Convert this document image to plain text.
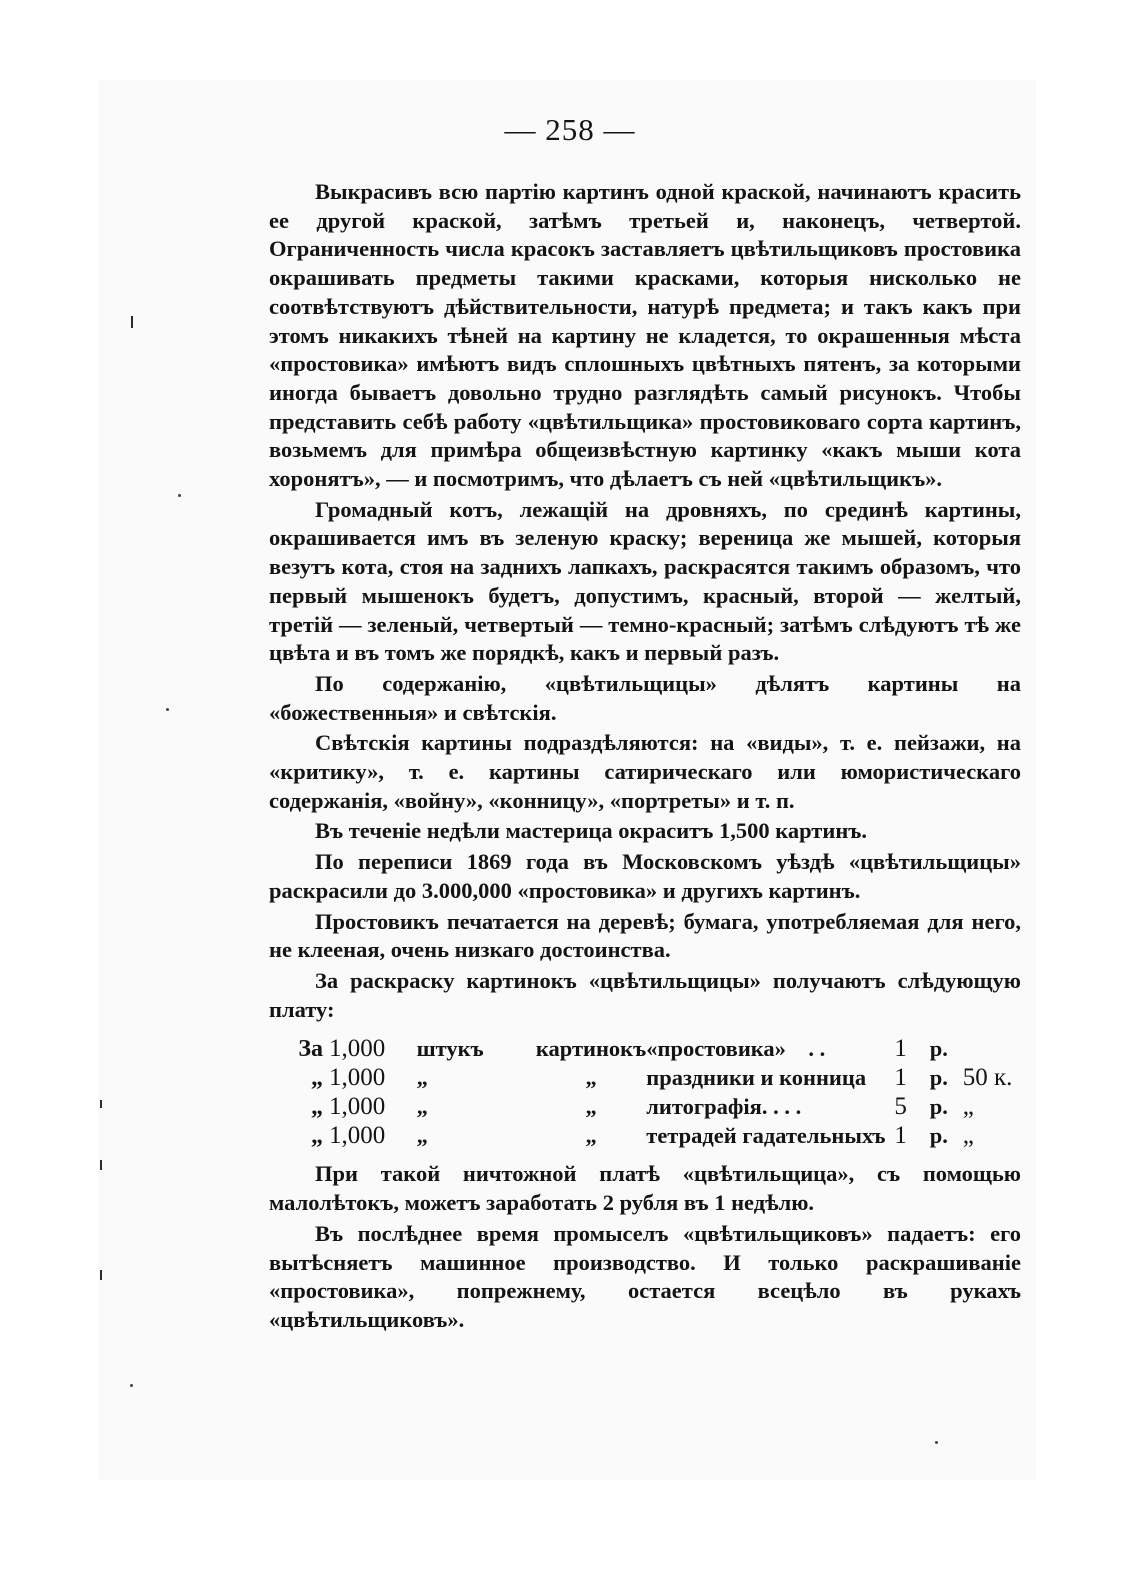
— 258 —

Выкрасивъ всю партію картинъ одной краской, начинаютъ красить ее другой краской, затѣмъ третьей и, наконецъ, четвертой. Ограниченность числа красокъ заставляетъ цвѣтильщиковъ простовика окрашивать предметы такими красками, которыя нисколько не соотвѣтствуютъ дѣйствительности, натурѣ предмета; и такъ какъ при этомъ никакихъ тѣней на картину не кладется, то окрашенныя мѣста «простовика» имѣютъ видъ сплошныхъ цвѣтныхъ пятенъ, за которыми иногда бываетъ довольно трудно разглядѣть самый рисунокъ. Чтобы представить себѣ работу «цвѣтильщика» простовиковаго сорта картинъ, возьмемъ для примѣра общеизвѣстную картинку «какъ мыши кота хоронятъ», — и посмотримъ, что дѣлаетъ съ ней «цвѣтильщикъ».

Громадный котъ, лежащій на дровняхъ, по срединѣ картины, окрашивается имъ въ зеленую краску; вереница же мышей, которыя везутъ кота, стоя на заднихъ лапкахъ, раскрасятся такимъ образомъ, что первый мышенокъ будетъ, допустимъ, красный, второй — желтый, третій — зеленый, четвертый — темно-красный; затѣмъ слѣдуютъ тѣ же цвѣта и въ томъ же порядкѣ, какъ и первый разъ.

По содержанію, «цвѣтильщицы» дѣлятъ картины на «божественныя» и свѣтскія.

Свѣтскія картины подраздѣляются: на «виды», т. е. пейзажи, на «критику», т. е. картины сатирическаго или юмористическаго содержанія, «войну», «конницу», «портреты» и т. п.

Въ теченіе недѣли мастерица окраситъ 1,500 картинъ.

По переписи 1869 года въ Московскомъ уѣздѣ «цвѣтильщицы» раскрасили до 3.000,000 «простовика» и другихъ картинъ.

Простовикъ печатается на деревѣ; бумага, употребляемая для него, не клееная, очень низкаго достоинства.

За раскраску картинокъ «цвѣтильщицы» получаютъ слѣдующую плату:

За	1,000	штукъ	картинокъ	«простовика» . .	1	р.	
„	1,000	„	„	праздники и конница	1	р.	50 к.
„	1,000	„	„	литографія. . . .	5	р.	„
„	1,000	„	„	тетрадей гадательныхъ	1	р.	„

При такой ничтожной платѣ «цвѣтильщица», съ помощью малолѣтокъ, можетъ заработать 2 рубля въ 1 недѣлю.

Въ послѣднее время промыселъ «цвѣтильщиковъ» падаетъ: его вытѣсняетъ машинное производство. И только раскрашиваніе «простовика», попрежнему, остается всецѣло въ рукахъ «цвѣтильщиковъ».
